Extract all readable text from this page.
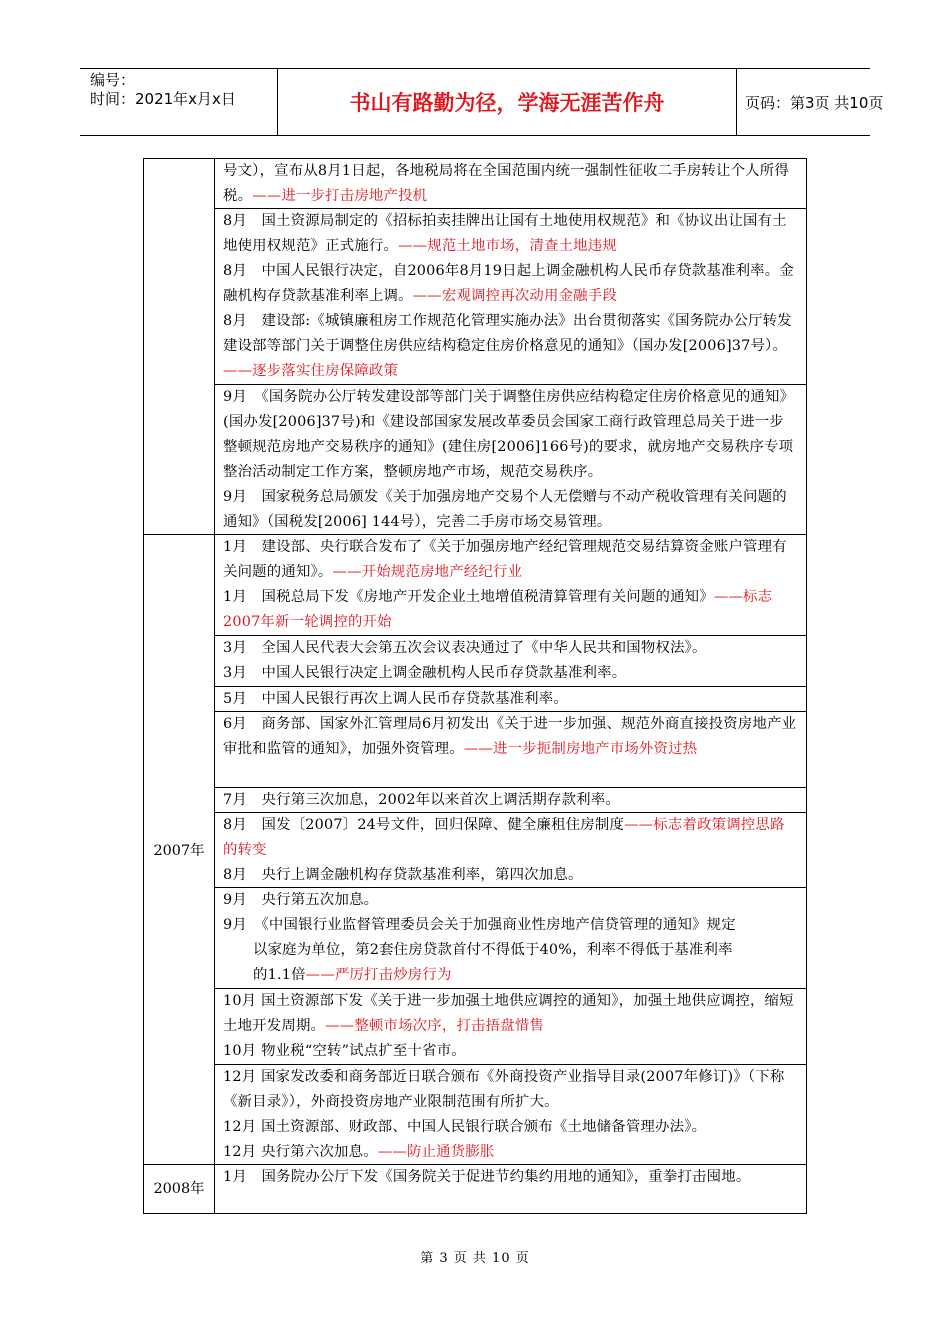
编号：
时间：2021年x月x日	书山有路勤为径，学海无涯苦作舟	页码：第3页 共10页

号文），宣布从8月1日起，各地税局将在全国范围内统一强制性征收二手房转让个人所得税。——进一步打击房地产投机

8月　国土资源局制定的《招标拍卖挂牌出让国有土地使用权规范》和《协议出让国有土地使用权规范》正式施行。——规范土地市场，清查土地违规

8月　中国人民银行决定，自2006年8月19日起上调金融机构人民币存贷款基准利率。金融机构存贷款基准利率上调。——宏观调控再次动用金融手段

8月　建设部:《城镇廉租房工作规范化管理实施办法》出台贯彻落实《国务院办公厅转发建设部等部门关于调整住房供应结构稳定住房价格意见的通知》（国办发[2006]37号）。——逐步落实住房保障政策

9月　《国务院办公厅转发建设部等部门关于调整住房供应结构稳定住房价格意见的通知》(国办发[2006]37号)和《建设部国家发展改革委员会国家工商行政管理总局关于进一步整顿规范房地产交易秩序的通知》(建住房[2006]166号)的要求，就房地产交易秩序专项整治活动制定工作方案，整顿房地产市场，规范交易秩序。

9月　国家税务总局颁发《关于加强房地产交易个人无偿赠与不动产税收管理有关问题的通知》（国税发[2006] 144号），完善二手房市场交易管理。

2007年

1月　建设部、央行联合发布了《关于加强房地产经纪管理规范交易结算资金账户管理有关问题的通知》。——开始规范房地产经纪行业

1月　国税总局下发《房地产开发企业土地增值税清算管理有关问题的通知》——标志2007年新一轮调控的开始

3月　全国人民代表大会第五次会议表决通过了《中华人民共和国物权法》。

3月　中国人民银行决定上调金融机构人民币存贷款基准利率。

5月　中国人民银行再次上调人民币存贷款基准利率。

6月　商务部、国家外汇管理局6月初发出《关于进一步加强、规范外商直接投资房地产业审批和监管的通知》，加强外资管理。——进一步扼制房地产市场外资过热

7月　央行第三次加息，2002年以来首次上调活期存款利率。

8月　国发〔2007〕24号文件，回归保障、健全廉租住房制度——标志着政策调控思路的转变

8月　央行上调金融机构存贷款基准利率，第四次加息。

9月　央行第五次加息。

9月　《中国银行业监督管理委员会关于加强商业性房地产信贷管理的通知》规定

以家庭为单位，第2套住房贷款首付不得低于40%，利率不得低于基准利率
的1.1倍——严厉打击炒房行为

10月 国土资源部下发《关于进一步加强土地供应调控的通知》，加强土地供应调控，缩短土地开发周期。——整顿市场次序，打击捂盘惜售

10月 物业税“空转”试点扩至十省市。

12月 国家发改委和商务部近日联合颁布《外商投资产业指导目录(2007年修订)》（下称《新目录》），外商投资房地产业限制范围有所扩大。

12月 国土资源部、财政部、中国人民银行联合颁布《土地储备管理办法》。

12月 央行第六次加息。——防止通货膨胀

2008年

1月　国务院办公厅下发《国务院关于促进节约集约用地的通知》，重拳打击囤地。

第 3 页 共 10 页
